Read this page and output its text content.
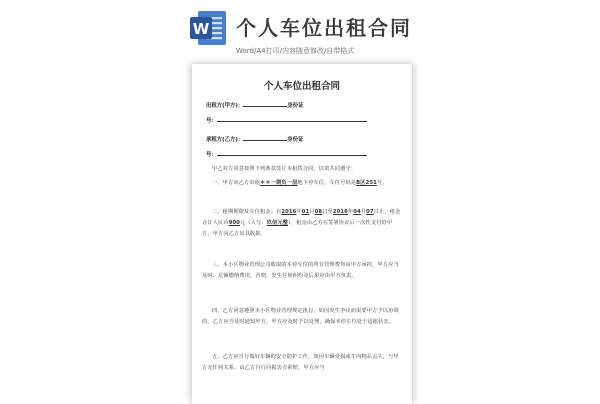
W 个人车位出租合同
Word/A4打印/内容随意修改/自带格式
个人车位出租合同
出租方(甲方)：	身份证
号：
承租方(乙方)：	身份证
号：
甲乙双方同意按照下列条款签订本租赁合同，以资共同遵守：
一、甲方向乙方出租＊＊一期负一层地下停车位，车位号码是B区251号。
二、租期期限及车位租金：自2016年01月08日至2016年04月07日止，租金合计人民币900元（大写：玖佰元整），租金由乙方在签署协议后一次性支付给甲方，甲方向乙方出具收据。
三、本小区物业管理公司收取的本停车位的所有管理费均由甲方承担，甲方应当及时、足额缴纳费用，否则，发生任何纠纷及后果应由甲方负责。
四、乙方同意遵照本小区物业管理规定执行，如因发生争议而需要甲方予以协调的，乙方应当及时通知甲方，甲方应及时予以处理，确保本停车位处于适租状态。
五、乙方应自行做好车辆的安全防护工作，如因车辆受损或车内物品丢失，与甲方无任何关系，由乙方自行向损害方索赔，甲方应当
